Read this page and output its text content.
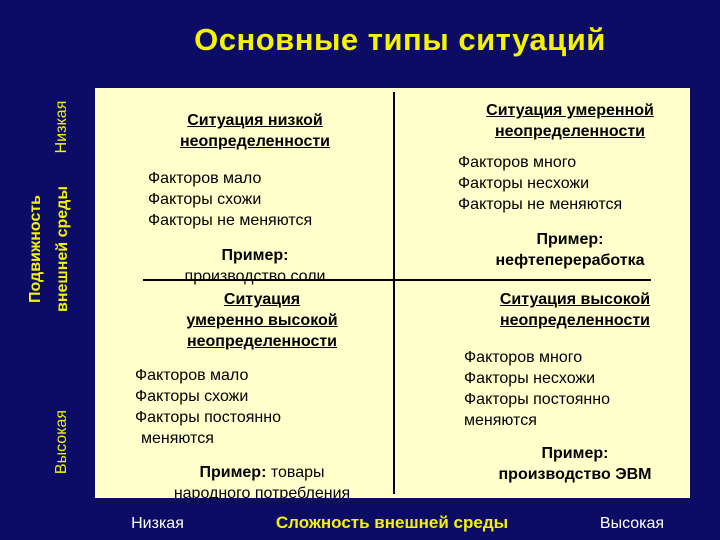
Основные типы ситуаций
Высокая
Подвижность внешней среды
Низкая	Ситуация низкой
неопределенности
Факторов мало
Факторы схожи
Факторы не меняются
Пример:
производство соли
Ситуация умеренной
неопределенности
Факторов много
Факторы несхожи
Факторы не меняются
Пример:
нефтепереработка
Ситуация
умеренно высокой
неопределенности
Факторов мало
Факторы схожи
Факторы постоянно
меняются
Пример: товары
народного потребления
Ситуация высокой
неопределенности
Факторов много
Факторы несхожи
Факторы постоянно
меняются
Пример:
производство ЭВМ
Низкая	Сложность внешней среды	Высокая
